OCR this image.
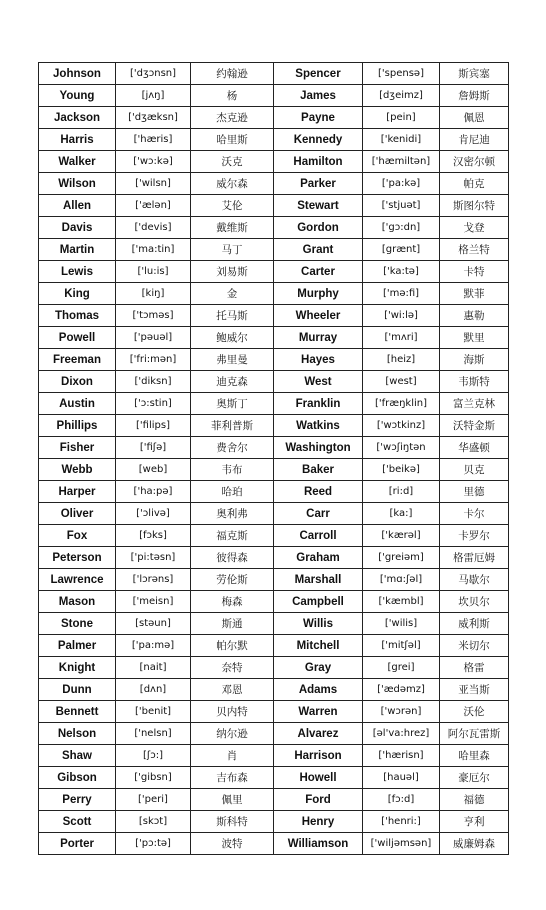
Johnson	['dʒɔnsn]	约翰逊	Spencer	['spensə]	斯宾塞
Young	[jʌŋ]	杨	James	[dʒeimz]	詹姆斯
Jackson	['dʒæksn]	杰克逊	Payne	[pein]	佩恩
Harris	['hæris]	哈里斯	Kennedy	['kenidi]	肯尼迪
Walker	['wɔ:kə]	沃克	Hamilton	['hæmiltən]	汉密尔顿
Wilson	['wilsn]	威尔森	Parker	['pa:kə]	帕克
Allen	['ælən]	艾伦	Stewart	['stjuət]	斯图尔特
Davis	['devis]	戴维斯	Gordon	['gɔ:dn]	戈登
Martin	['ma:tin]	马丁	Grant	[grænt]	格兰特
Lewis	['lu:is]	刘易斯	Carter	['ka:tə]	卡特
King	[kiŋ]	金	Murphy	['mə:fi]	默菲
Thomas	['tɔməs]	托马斯	Wheeler	['wi:lə]	惠勒
Powell	['pəuəl]	鲍威尔	Murray	['mʌri]	默里
Freeman	['fri:mən]	弗里曼	Hayes	[heiz]	海斯
Dixon	['diksn]	迪克森	West	[west]	韦斯特
Austin	['ɔ:stin]	奥斯丁	Franklin	['fræŋklin]	富兰克林
Phillips	['filips]	菲利普斯	Watkins	['wɔtkinz]	沃特金斯
Fisher	['fiʃə]	费舍尔	Washington	['wɔʃiŋtən	华盛顿
Webb	[web]	韦布	Baker	['beikə]	贝克
Harper	['ha:pə]	哈珀	Reed	[ri:d]	里德
Oliver	['ɔlivə]	奥利弗	Carr	[ka:]	卡尔
Fox	[fɔks]	福克斯	Carroll	['kærəl]	卡罗尔
Peterson	['pi:təsn]	彼得森	Graham	['greiəm]	格雷厄姆
Lawrence	['lɔrəns]	劳伦斯	Marshall	['mɑ:ʃəl]	马歇尔
Mason	['meisn]	梅森	Campbell	['kæmbl]	坎贝尔
Stone	[stəun]	斯通	Willis	['wilis]	威利斯
Palmer	['pa:mə]	帕尔默	Mitchell	['mitʃəl]	米切尔
Knight	[nait]	奈特	Gray	[grei]	格雷
Dunn	[dʌn]	邓恩	Adams	['ædəmz]	亚当斯
Bennett	['benit]	贝内特	Warren	['wɔrən]	沃伦
Nelson	['nelsn]	纳尔逊	Alvarez	[əl'va:hrez]	阿尔瓦雷斯
Shaw	[ʃɔ:]	肖	Harrison	['hærisn]	哈里森
Gibson	['gibsn]	吉布森	Howell	[hauəl]	豪厄尔
Perry	['peri]	佩里	Ford	[fɔ:d]	福德
Scott	[skɔt]	斯科特	Henry	['henri:]	亨利
Porter	['pɔ:tə]	波特	Williamson	['wiljəmsən]	威廉姆森
